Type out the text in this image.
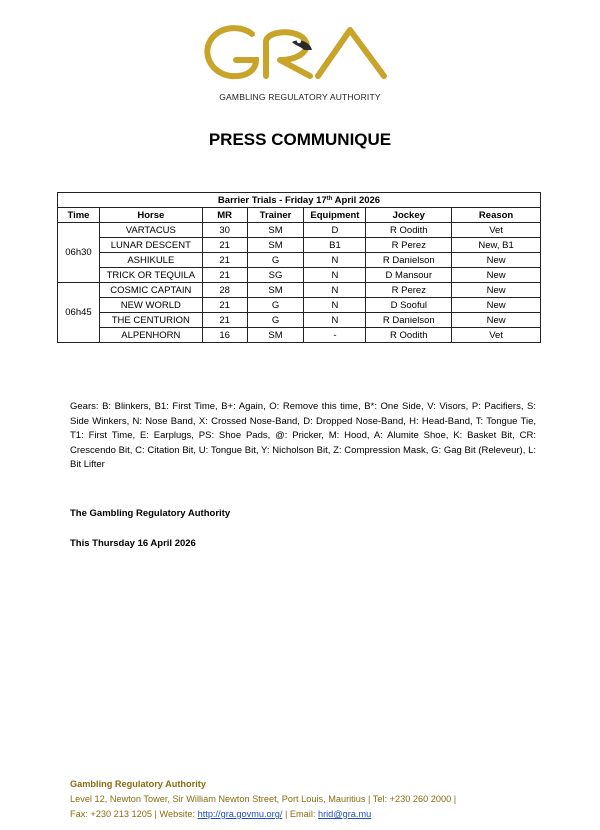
GAMBLING REGULATORY AUTHORITY
PRESS COMMUNIQUE
Barrier Trials - Friday 17th April 2026						
Time	Horse	MR	Trainer	Equipment	Jockey	Reason
06h30	VARTACUS	30	SM	D	R Oodith	Vet
	LUNAR DESCENT	21	SM	B1	R Perez	New, B1
	ASHIKULE	21	G	N	R Danielson	New
	TRICK OR TEQUILA	21	SG	N	D Mansour	New
06h45	COSMIC CAPTAIN	28	SM	N	R Perez	New
	NEW WORLD	21	G	N	D Sooful	New
	THE CENTURION	21	G	N	R Danielson	New
	ALPENHORN	16	SM	-	R Oodith	Vet
Gears: B: Blinkers, B1: First Time, B+: Again, O: Remove this time, B*: One Side, V: Visors, P: Pacifiers, S: Side Winkers, N: Nose Band, X: Crossed Nose-Band, D: Dropped Nose-Band, H: Head-Band, T: Tongue Tie, T1: First Time, E: Earplugs, PS: Shoe Pads, @: Pricker, M: Hood, A: Alumite Shoe, K: Basket Bit, CR: Crescendo Bit, C: Citation Bit, U: Tongue Bit, Y: Nicholson Bit, Z: Compression Mask, G: Gag Bit (Releveur), L: Bit Lifter
The Gambling Regulatory Authority
This Thursday 16 April 2026
Gambling Regulatory Authority
Level 12, Newton Tower, Sir William Newton Street, Port Louis, Mauritius | Tel: +230 260 2000 |
Fax: +230 213 1205 | Website: http://gra.govmu.org/ | Email: hrid@gra.mu
